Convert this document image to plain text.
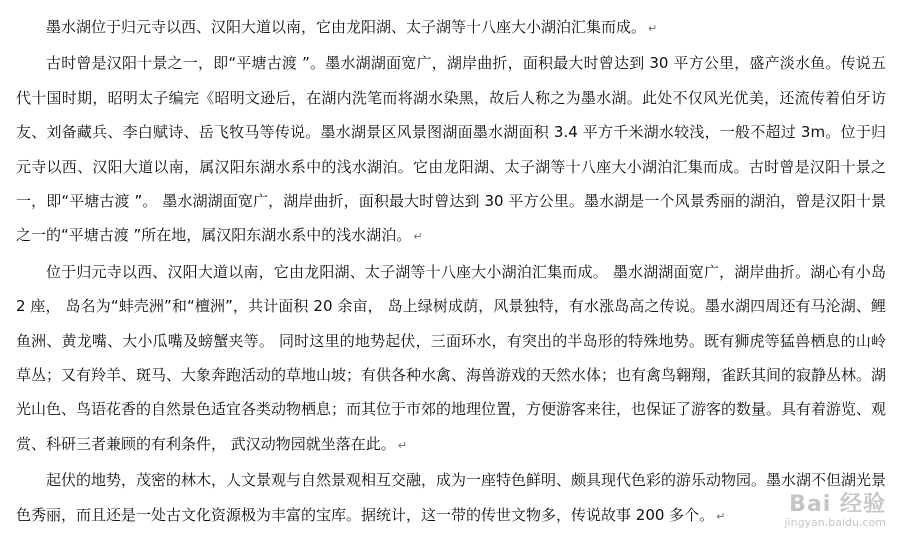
墨水湖位于归元寺以西、汉阳大道以南，它由龙阳湖、太子湖等十八座大小湖泊汇集而成。 ↵

古时曾是汉阳十景之一，即“平塘古渡 ”。墨水湖湖面宽广，湖岸曲折，面积最大时曾达到 30 平方公里，盛产淡水鱼。传说五代十国时期，昭明太子编完《昭明文逊后，在湖内洗笔而将湖水染黑，故后人称之为墨水湖。此处不仅风光优美，还流传着伯牙访友、刘备藏兵、李白赋诗、岳飞牧马等传说。墨水湖景区风景图湖面墨水湖面积 3.4 平方千米湖水较浅，一般不超过 3m。位于归元寺以西、汉阳大道以南，属汉阳东湖水系中的浅水湖泊。它由龙阳湖、太子湖等十八座大小湖泊汇集而成。古时曾是汉阳十景之一，即“平塘古渡 ”。 墨水湖湖面宽广，湖岸曲折，面积最大时曾达到 30 平方公里。墨水湖是一个风景秀丽的湖泊，曾是汉阳十景之一的“平塘古渡 ”所在地，属汉阳东湖水系中的浅水湖泊。 ↵

位于归元寺以西、汉阳大道以南，它由龙阳湖、太子湖等十八座大小湖泊汇集而成。 墨水湖湖面宽广，湖岸曲折。湖心有小岛 2 座， 岛名为“蚌壳洲”和“檀洲”，共计面积 20 余亩， 岛上绿树成荫，风景独特，有水涨岛高之传说。墨水湖四周还有马沦湖、鲤鱼洲、黄龙嘴、大小瓜嘴及螃蟹夹等。 同时这里的地势起伏，三面环水，有突出的半岛形的特殊地势。既有狮虎等猛兽栖息的山岭草丛；又有羚羊、斑马、大象奔跑活动的草地山坡；有供各种水禽、海兽游戏的天然水体；也有禽鸟翱翔，雀跃其间的寂静丛林。湖光山色、鸟语花香的自然景色适宜各类动物栖息；而其位于市郊的地理位置，方便游客来往，也保证了游客的数量。具有着游览、观赏、科研三者兼顾的有利条件， 武汉动物园就坐落在此。 ↵

起伏的地势，茂密的林木，人文景观与自然景观相互交融，成为一座特色鲜明、颇具现代色彩的游乐动物园。墨水湖不但湖光景色秀丽，而且还是一处古文化资源极为丰富的宝库。据统计，这一带的传世文物多，传说故事 200 多个。 ↵	Bai 经验
jingyan.baidu.com
